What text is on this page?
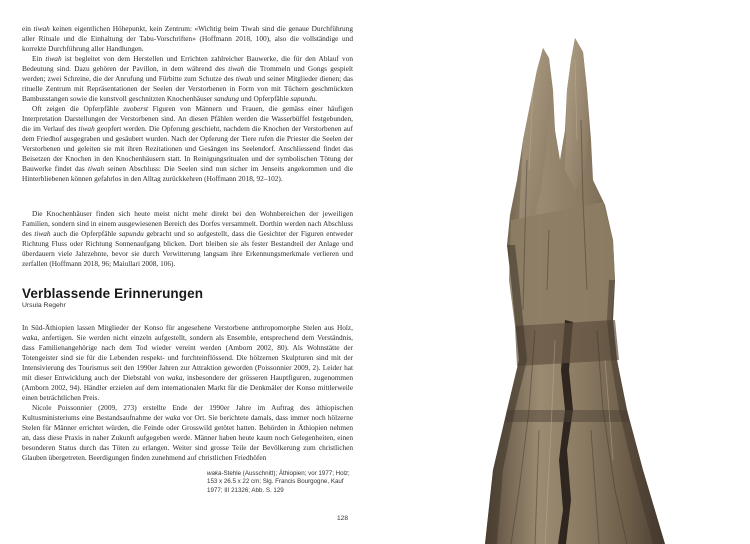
ein tiwah keinen eigentlichen Höhepunkt, kein Zentrum: «Wichtig beim Tiwah sind die genaue Durchführung aller Rituale und die Einhaltung der Tabu-Vorschriften» (Hoffmann 2018, 100), also die vollständige und korrekte Durchführung aller Handlungen.

Ein tiwah ist begleitet von dem Herstellen und Errichten zahlreicher Bauwerke, die für den Ablauf von Bedeutung sind. Dazu gehören der Pavillon, in dem während des tiwah die Trommeln und Gongs gespielt werden; zwei Schreine, die der Anrufung und Fürbitte zum Schutze des tiwah und seiner Mitglieder dienen; das rituelle Zentrum mit Repräsentationen der Seelen der Verstorbenen in Form von mit Tüchern geschmückten Bambusstangen sowie die kunstvoll geschnitzten Knochenhäuser sandung und Opferpfähle sapundu.

Oft zeigen die Opferpfähle zuoberst Figuren von Männern und Frauen, die gemäss einer häufigen Interpretation Darstellungen der Verstorbenen sind. An diesen Pfählen werden die Wasserbüffel festgebunden, die im Verlauf des tiwah geopfert werden. Die Opferung geschieht, nachdem die Knochen der Verstorbenen auf dem Friedhof ausgegraben und gesäubert wurden. Nach der Opferung der Tiere rufen die Priester die Seelen der Verstorbenen und geleiten sie mit ihren Rezitationen und Gesängen ins Seelendorf. Anschliessend findet das Beisetzen der Knochen in den Knochenhäusern statt. In Reinigungsritualen und der symbolischen Tötung der Bauwerke findet das tiwah seinen Abschluss: Die Seelen sind nun sicher im Jenseits angekommen und die Hinterbliebenen können gefahrlos in den Alltag zurückkehren (Hoffmann 2018, 92–102).

Die Knochenhäuser finden sich heute meist nicht mehr direkt bei den Wohnbereichen der jeweiligen Familien, sondern sind in einem ausgewiesenen Bereich des Dorfes versammelt. Dorthin werden nach Abschluss des tiwah auch die Opferpfähle sapundu gebracht und so aufgestellt, dass die Gesichter der Figuren entweder Richtung Fluss oder Richtung Sonnenaufgang blicken. Dort bleiben sie als fester Bestandteil der Anlage und überdauern viele Jahrzehnte, bevor sie durch Verwitterung langsam ihre Erkennungsmerkmale verlieren und zerfallen (Hoffmann 2018, 96; Maiullari 2008, 106).

Verblassende Erinnerungen
Ursula Regehr

In Süd-Äthiopien lassen Mitglieder der Konso für angesehene Verstorbene anthropomorphe Stelen aus Holz, waka, anfertigen. Sie werden nicht einzeln aufgestellt, sondern als Ensemble, entsprechend dem Verständnis, dass Familienangehörige nach dem Tod wieder vereint werden (Amborn 2002, 80). Als Wohnstätte der Totengeister sind sie für die Lebenden respekt- und furchteinflössend. Die hölzernen Skulpturen sind mit der Intensivierung des Tourismus seit den 1990er Jahren zur Attraktion geworden (Poissonnier 2009, 2). Leider hat mit dieser Entwicklung auch der Diebstahl von waka, insbesondere der grösseren Hauptfiguren, zugenommen (Amborn 2002, 94). Händler erzielen auf dem internationalen Markt für die Denkmäler der Konso mittlerweile einen beträchtlichen Preis.

Nicole Poissonnier (2009, 273) erstellte Ende der 1990er Jahre im Auftrag des äthiopischen Kultusministeriums eine Bestandsaufnahme der waka vor Ort. Sie berichtete damals, dass immer noch hölzerne Stelen für Männer errichtet würden, die Feinde oder Grosswild getötet hatten. Behörden in Äthiopien nehmen an, dass diese Praxis in naher Zukunft aufgegeben werde. Männer haben heute kaum noch Gelegenheiten, einen besonderen Status durch das Töten zu erlangen. Weiter sind grosse Teile der Bevölkerung zum christlichen Glauben übergetreten. Beerdigungen finden zunehmend auf christlichen Friedhöfen

waka-Stehle (Ausschnitt); Äthiopien; vor 1977; Holz; 153 x 26.5 x 22 cm; Slg. Francis Bourgogne, Kauf 1977; III 21326; Abb. S. 129
128
